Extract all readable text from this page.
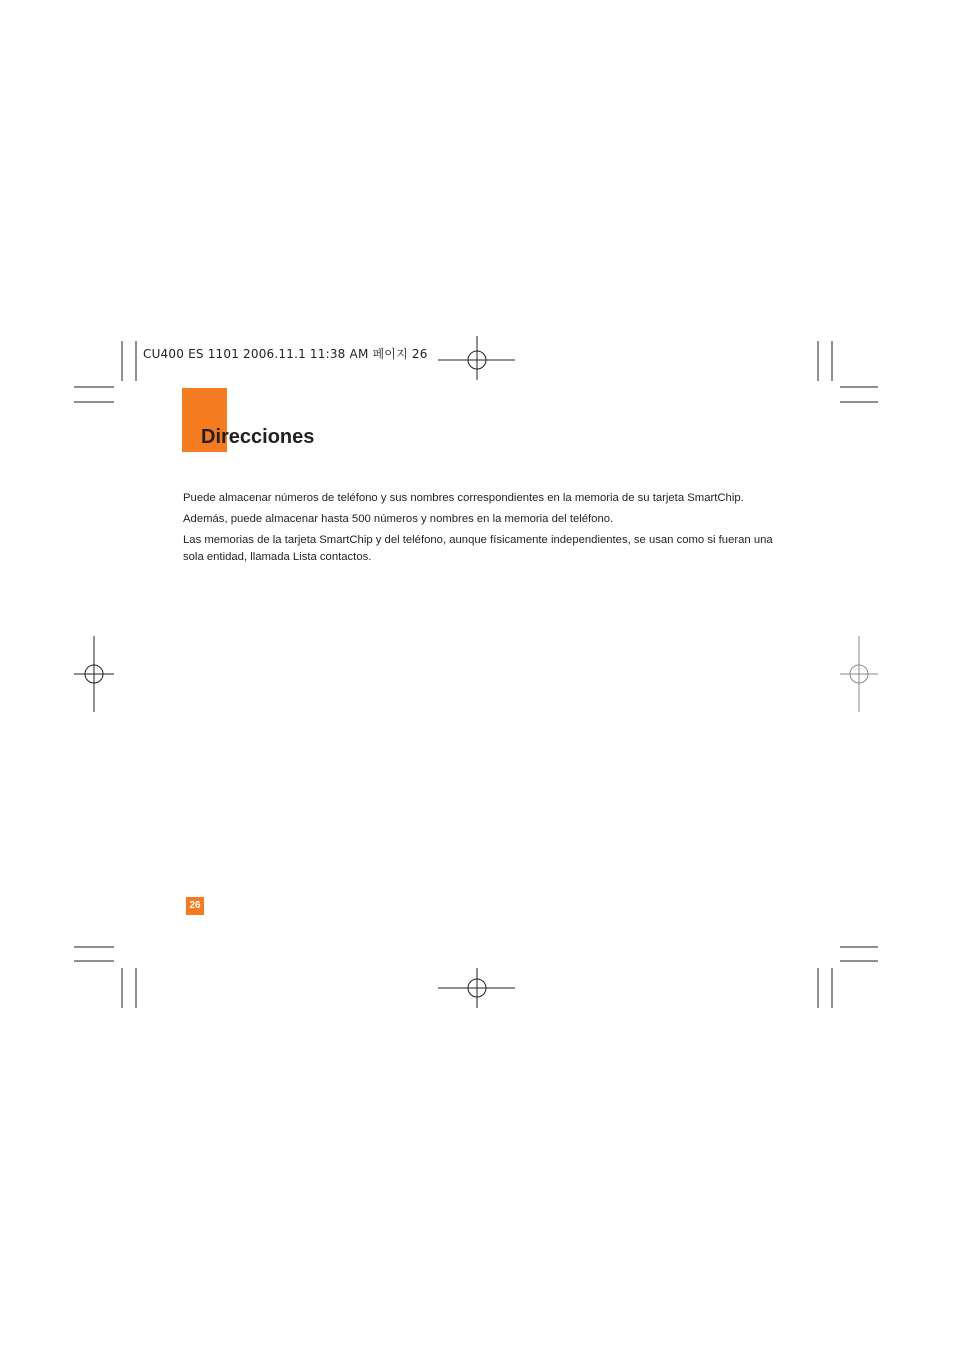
CU400 ES 1101 2006.11.1 11:38 AM 페이지 26
Direcciones

Puede almacenar números de teléfono y sus nombres correspondientes en la memoria de su tarjeta SmartChip.

Además, puede almacenar hasta 500 números y nombres en la memoria del teléfono.

Las memorias de la tarjeta SmartChip y del teléfono, aunque físicamente independientes, se usan como si fueran una sola entidad, llamada Lista contactos.

26
